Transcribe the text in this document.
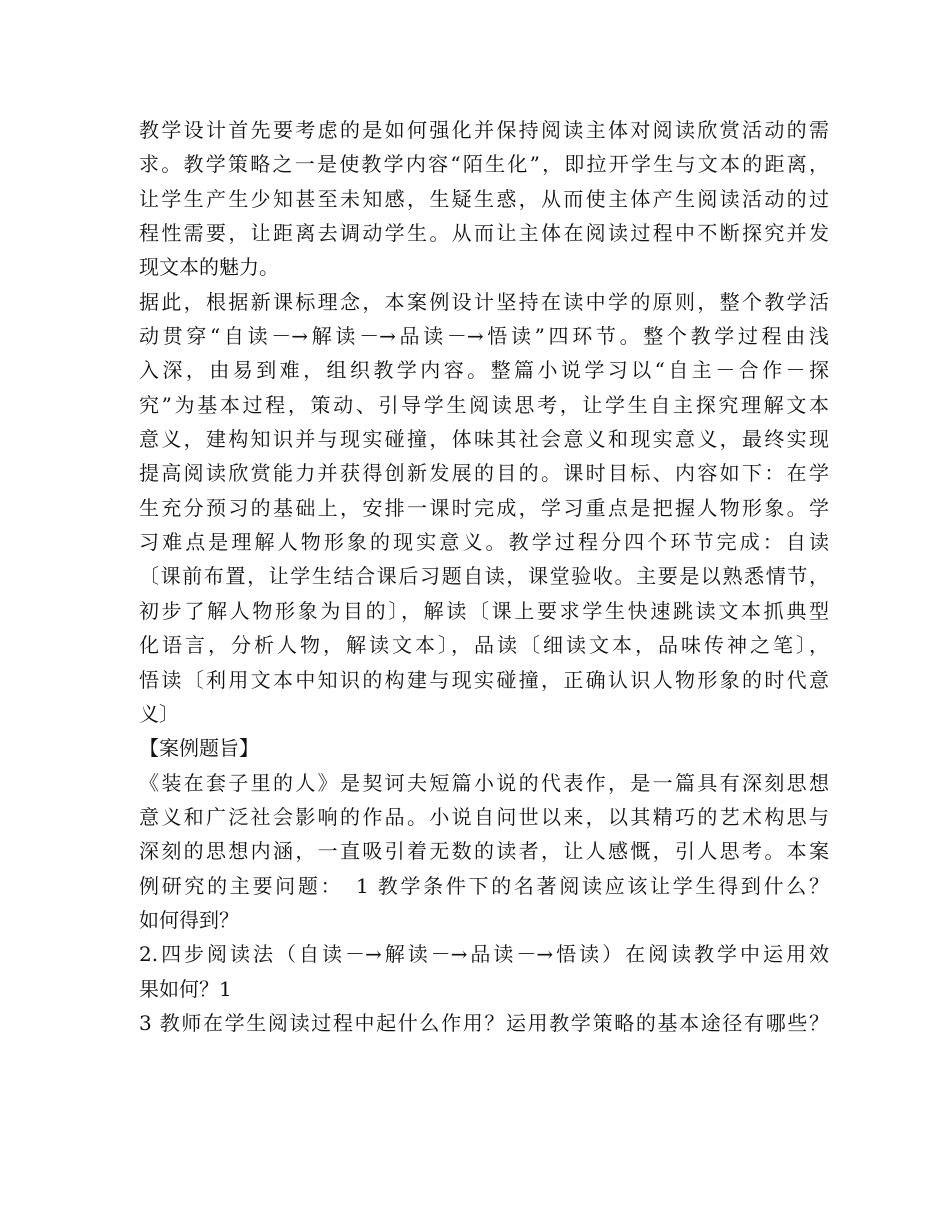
教学设计首先要考虑的是如何强化并保持阅读主体对阅读欣赏活动的需
求。教学策略之一是使教学内容“陌生化”，即拉开学生与文本的距离，
让学生产生少知甚至未知感，生疑生惑，从而使主体产生阅读活动的过
程性需要，让距离去调动学生。从而让主体在阅读过程中不断探究并发
现文本的魅力。
据此，根据新课标理念，本案例设计坚持在读中学的原则，整个教学活
动贯穿“自读－→解读－→品读－→悟读”四环节。整个教学过程由浅
入深，由易到难，组织教学内容。整篇小说学习以“自主－合作－探
究”为基本过程，策动、引导学生阅读思考，让学生自主探究理解文本
意义，建构知识并与现实碰撞，体味其社会意义和现实意义，最终实现
提高阅读欣赏能力并获得创新发展的目的。课时目标、内容如下：在学
生充分预习的基础上，安排一课时完成，学习重点是把握人物形象。学
习难点是理解人物形象的现实意义。教学过程分四个环节完成：自读
〔课前布置，让学生结合课后习题自读，课堂验收。主要是以熟悉情节，
初步了解人物形象为目的〕，解读〔课上要求学生快速跳读文本抓典型
化语言，分析人物，解读文本〕，品读〔细读文本，品味传神之笔〕，
悟读〔利用文本中知识的构建与现实碰撞，正确认识人物形象的时代意
义〕
【案例题旨】
《装在套子里的人》是契诃夫短篇小说的代表作，是一篇具有深刻思想
意义和广泛社会影响的作品。小说自问世以来，以其精巧的艺术构思与
深刻的思想内涵，一直吸引着无数的读者，让人感慨，引人思考。本案
例研究的主要问题：　1 教学条件下的名著阅读应该让学生得到什么？
如何得到？
2.四步阅读法（自读－→解读－→品读－→悟读）在阅读教学中运用效
果如何？1
3 教师在学生阅读过程中起什么作用？运用教学策略的基本途径有哪些？
